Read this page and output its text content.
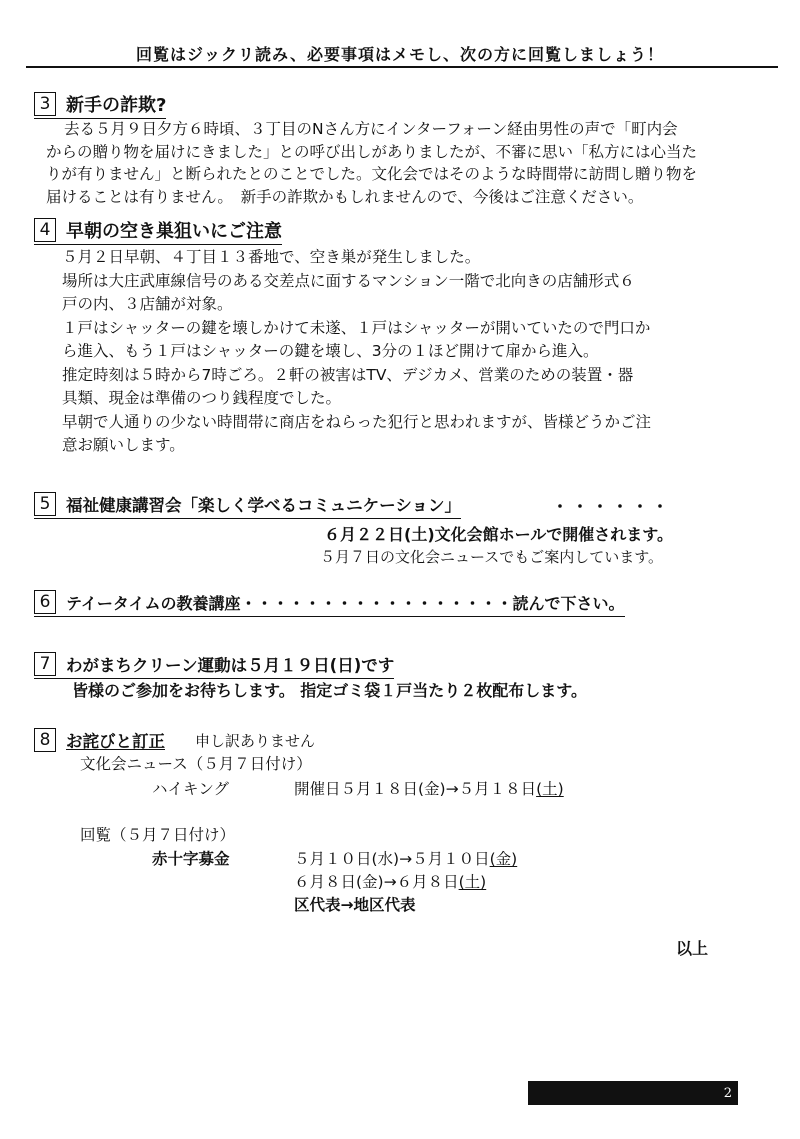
回覧はジックリ読み、必要事項はメモし、次の方に回覧しましょう！
3 新手の詐欺?
去る５月９日夕方６時頃、３丁目のNさん方にインターフォーン経由男性の声で「町内会
からの贈り物を届けにきました」との呼び出しがありましたが、不審に思い「私方には心当た
りが有りません」と断られたとのことでした。文化会ではそのような時間帯に訪問し贈り物を
届けることは有りません。　新手の詐欺かもしれませんので、今後はご注意ください。
4 早朝の空き巣狙いにご注意
５月２日早朝、４丁目１３番地で、空き巣が発生しました。
場所は大庄武庫線信号のある交差点に面するマンション一階で北向きの店舗形式６
戸の内、３店舗が対象。
１戸はシャッターの鍵を壊しかけて未遂、１戸はシャッターが開いていたので門口か
ら進入、もう１戸はシャッターの鍵を壊し、3分の１ほど開けて扉から進入。
推定時刻は５時から7時ごろ。２軒の被害はTV、デジカメ、営業のための装置・器
具類、現金は準備のつり銭程度でした。
早朝で人通りの少ない時間帯に商店をねらった犯行と思われますが、皆様どうかご注
意お願いします。
5 福祉健康講習会「楽しく学べるコミュニケーション」	・・・・・・
６月２２日(土)文化会館ホールで開催されます。
５月７日の文化会ニュースでもご案内しています。
6 テイータイムの教養講座・・・・・・・・・・・・・・・・・読んで下さい。
7 わがまちクリーン運動は５月１９日(日)です
皆様のご参加をお待ちします。 指定ゴミ袋１戸当たり２枚配布します。
8 お詫びと訂正 申し訳ありません
文化会ニュース（５月７日付け）
ハイキング	開催日５月１８日(金)→５月１８日(土)
回覧（５月７日付け）
赤十字募金	５月１０日(水)→５月１０日(金)
６月８日(金)→６月８日(土)
区代表→地区代表
以上
2
